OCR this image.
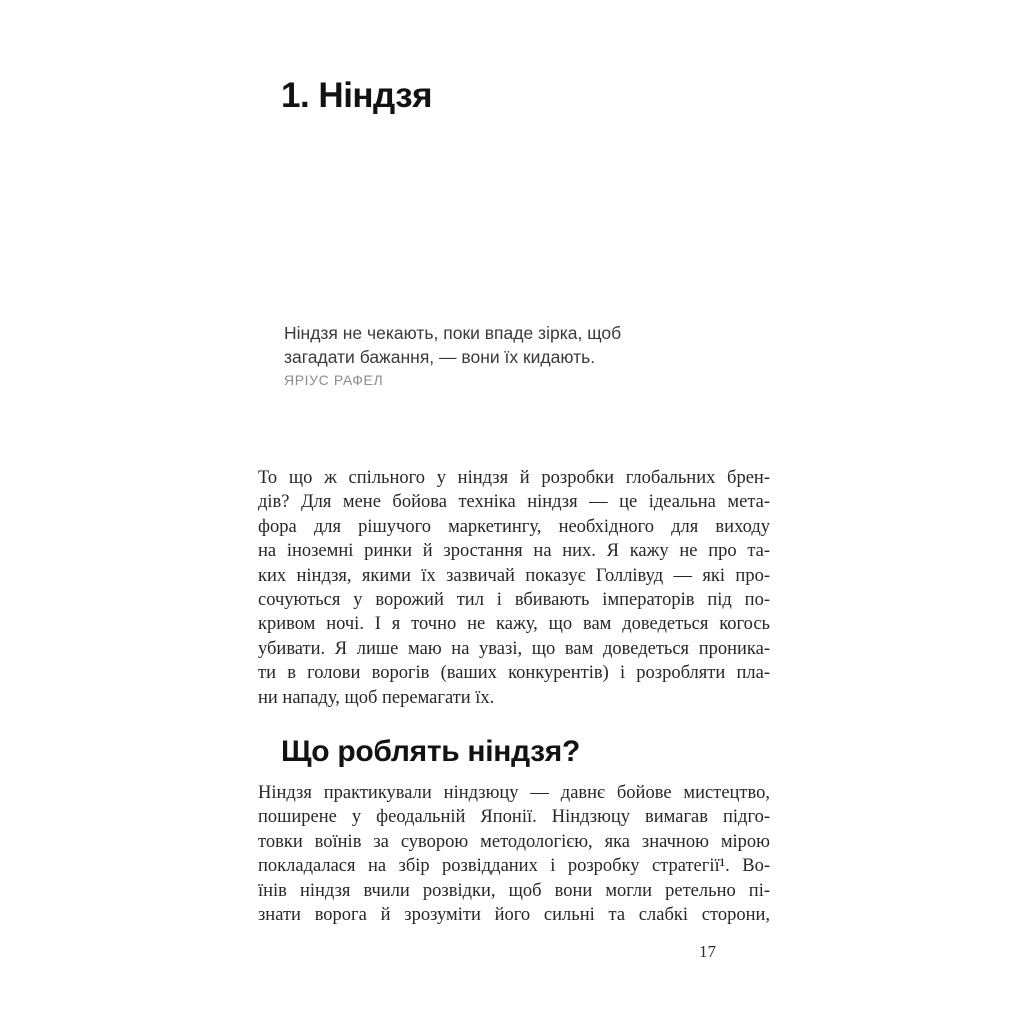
1. Ніндзя
Ніндзя не чекають, поки впаде зірка, щоб
загадати бажання, — вони їх кидають.
ЯРІУС РАФЕЛ
То що ж спільного у ніндзя й розробки глобальних брен-
дів? Для мене бойова техніка ніндзя — це ідеальна мета-
фора для рішучого маркетингу, необхідного для виходу
на іноземні ринки й зростання на них. Я кажу не про та-
ких ніндзя, якими їх зазвичай показує Голлівуд — які про-
сочуються у ворожий тил і вбивають імператорів під по-
кривом ночі. І я точно не кажу, що вам доведеться когось
убивати. Я лише маю на увазі, що вам доведеться проника-
ти в голови ворогів (ваших конкурентів) і розробляти пла-
ни нападу, щоб перемагати їх.
Що роблять ніндзя?
Ніндзя практикували ніндзюцу — давнє бойове мистецтво,
поширене у феодальній Японії. Ніндзюцу вимагав підго-
товки воїнів за суворою методологією, яка значною мірою
покладалася на збір розвідданих і розробку стратегії¹. Во-
їнів ніндзя вчили розвідки, щоб вони могли ретельно пі-
знати ворога й зрозуміти його сильні та слабкі сторони,
17
